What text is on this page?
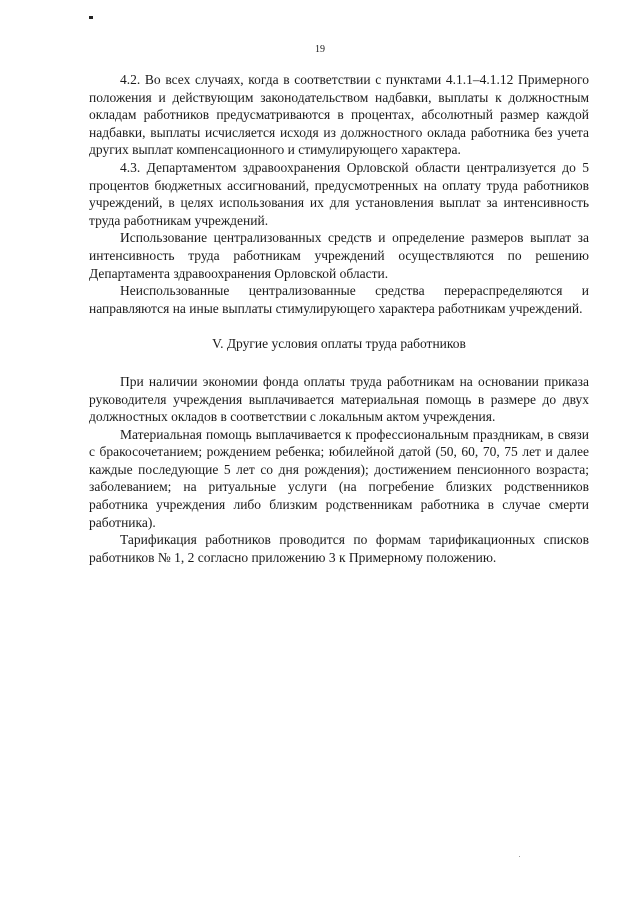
19

4.2. Во всех случаях, когда в соответствии с пунктами 4.1.1–4.1.12 Примерного положения и действующим законодательством надбавки, выплаты к должностным окладам работников предусматриваются в процентах, абсолютный размер каждой надбавки, выплаты исчисляется исходя из должностного оклада работника без учета других выплат компенсационного и стимулирующего характера.

4.3. Департаментом здравоохранения Орловской области централизуется до 5 процентов бюджетных ассигнований, предусмотренных на оплату труда работников учреждений, в целях использования их для установления выплат за интенсивность труда работникам учреждений.

Использование централизованных средств и определение размеров выплат за интенсивность труда работникам учреждений осуществляются по решению Департамента здравоохранения Орловской области.

Неиспользованные централизованные средства перераспределяются и направляются на иные выплаты стимулирующего характера работникам учреждений.

V. Другие условия оплаты труда работников

При наличии экономии фонда оплаты труда работникам на основании приказа руководителя учреждения выплачивается материальная помощь в размере до двух должностных окладов в соответствии с локальным актом учреждения.

Материальная помощь выплачивается к профессиональным праздникам, в связи с бракосочетанием; рождением ребенка; юбилейной датой (50, 60, 70, 75 лет и далее каждые последующие 5 лет со дня рождения); достижением пенсионного возраста; заболеванием; на ритуальные услуги (на погребение близких родственников работника учреждения либо близким родственникам работника в случае смерти работника).

Тарификация работников проводится по формам тарификационных списков работников № 1, 2 согласно приложению 3 к Примерному положению.
